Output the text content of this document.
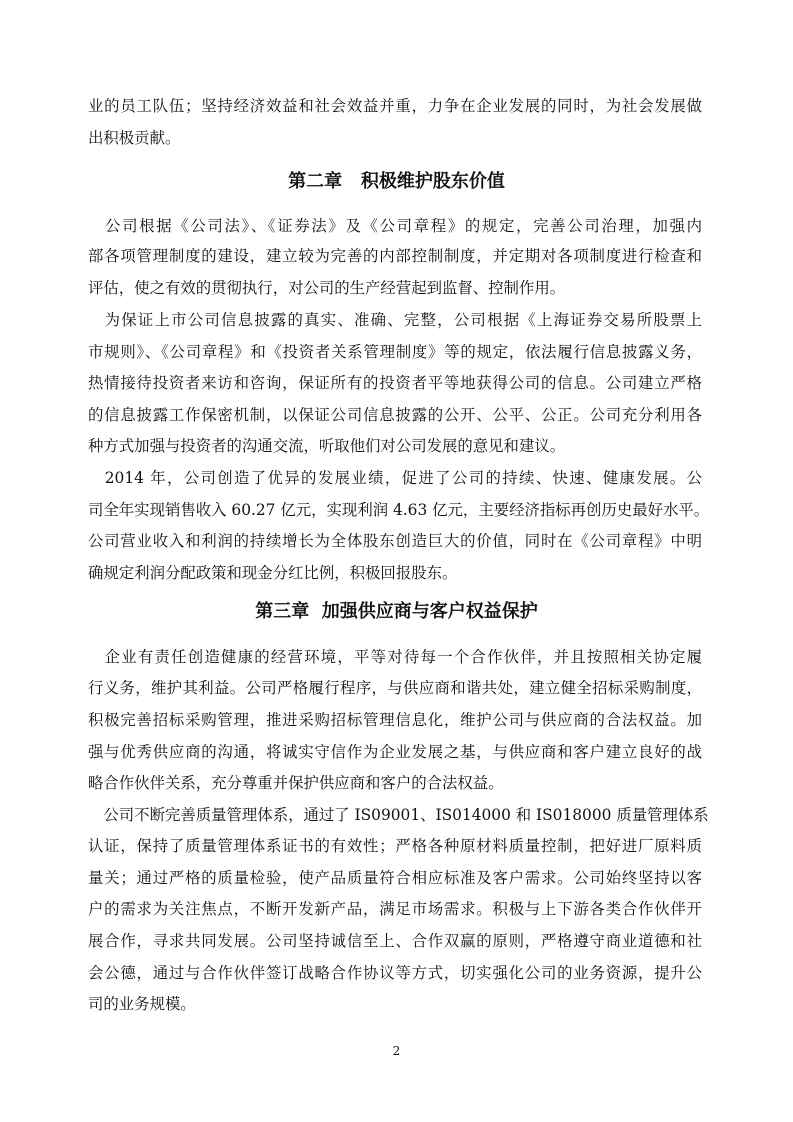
业的员工队伍；坚持经济效益和社会效益并重，力争在企业发展的同时，为社会发展做
出积极贡献。
第二章   积极维护股东价值
　公司根据《公司法》、《证券法》及《公司章程》的规定，完善公司治理，加强内
部各项管理制度的建设，建立较为完善的内部控制制度，并定期对各项制度进行检查和
评估，使之有效的贯彻执行，对公司的生产经营起到监督、控制作用。
　为保证上市公司信息披露的真实、准确、完整，公司根据《上海证券交易所股票上
市规则》、《公司章程》和《投资者关系管理制度》等的规定，依法履行信息披露义务，
热情接待投资者来访和咨询，保证所有的投资者平等地获得公司的信息。公司建立严格
的信息披露工作保密机制，以保证公司信息披露的公开、公平、公正。公司充分利用各
种方式加强与投资者的沟通交流，听取他们对公司发展的意见和建议。
　2014 年，公司创造了优异的发展业绩，促进了公司的持续、快速、健康发展。公
司全年实现销售收入 60.27 亿元，实现利润 4.63 亿元，主要经济指标再创历史最好水平。
公司营业收入和利润的持续增长为全体股东创造巨大的价值，同时在《公司章程》中明
确规定利润分配政策和现金分红比例，积极回报股东。
第三章  加强供应商与客户权益保护
　企业有责任创造健康的经营环境，平等对待每一个合作伙伴，并且按照相关协定履
行义务，维护其利益。公司严格履行程序，与供应商和谐共处，建立健全招标采购制度，
积极完善招标采购管理，推进采购招标管理信息化，维护公司与供应商的合法权益。加
强与优秀供应商的沟通，将诚实守信作为企业发展之基，与供应商和客户建立良好的战
略合作伙伴关系，充分尊重并保护供应商和客户的合法权益。
　公司不断完善质量管理体系，通过了 IS09001、IS014000 和 IS018000 质量管理体系
认证，保持了质量管理体系证书的有效性；严格各种原材料质量控制，把好进厂原料质
量关；通过严格的质量检验，使产品质量符合相应标准及客户需求。公司始终坚持以客
户的需求为关注焦点，不断开发新产品，满足市场需求。积极与上下游各类合作伙伴开
展合作，寻求共同发展。公司坚持诚信至上、合作双赢的原则，严格遵守商业道德和社
会公德，通过与合作伙伴签订战略合作协议等方式，切实强化公司的业务资源，提升公
司的业务规模。
2
